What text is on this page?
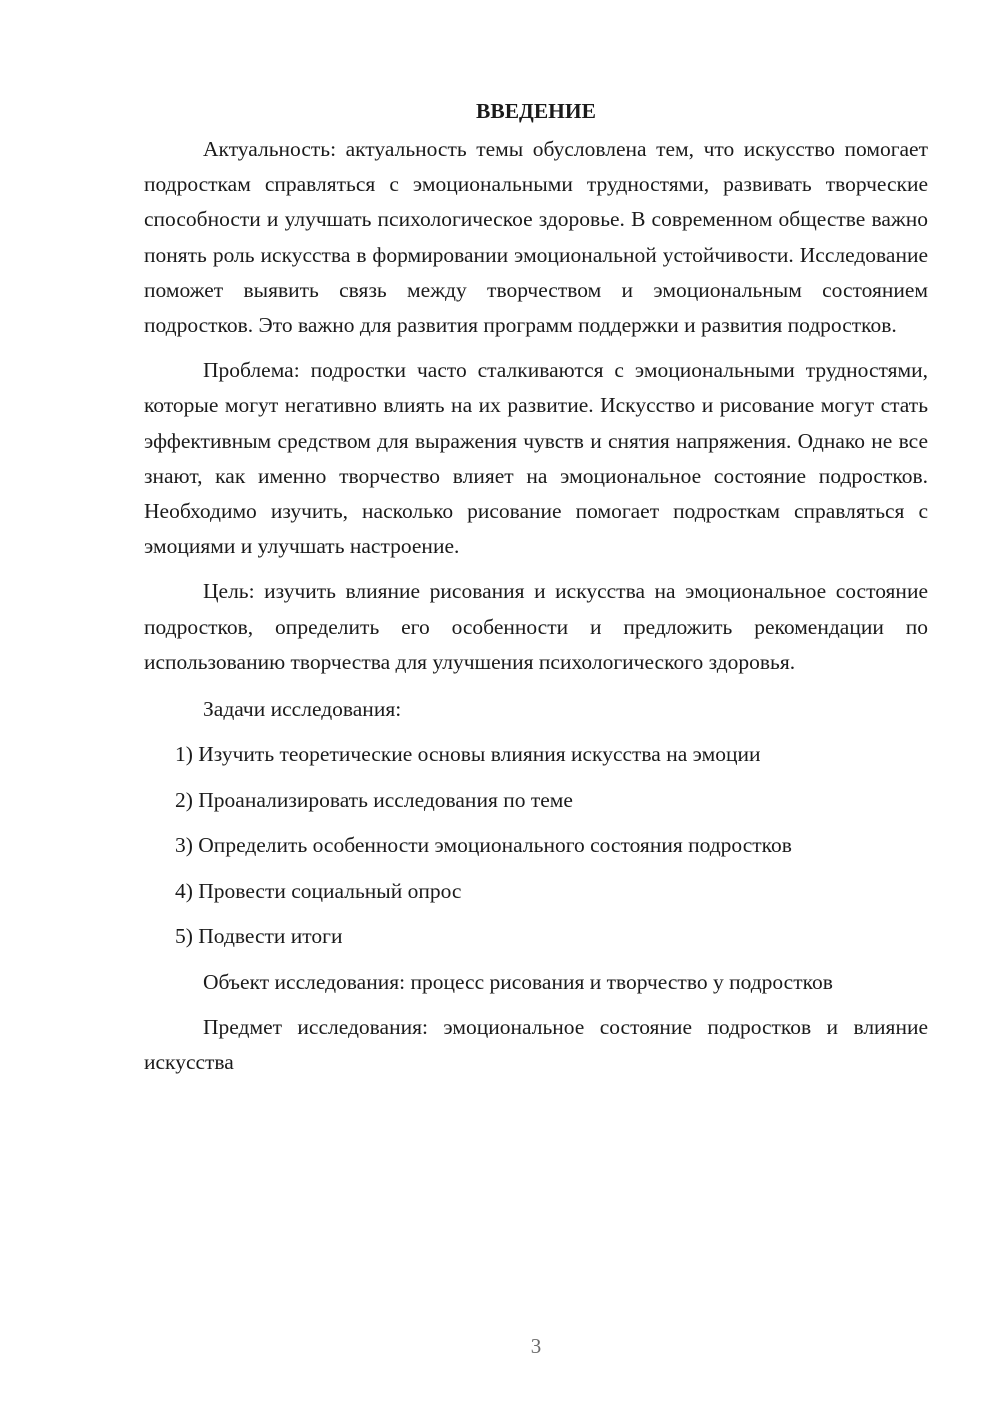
ВВЕДЕНИЕ

Актуальность: актуальность темы обусловлена тем, что искусство помогает подросткам справляться с эмоциональными трудностями, развивать творческие способности и улучшать психологическое здоровье. В современном обществе важно понять роль искусства в формировании эмоциональной устойчивости. Исследование поможет выявить связь между творчеством и эмоциональным состоянием подростков. Это важно для развития программ поддержки и развития подростков.

Проблема: подростки часто сталкиваются с эмоциональными трудностями, которые могут негативно влиять на их развитие. Искусство и рисование могут стать эффективным средством для выражения чувств и снятия напряжения. Однако не все знают, как именно творчество влияет на эмоциональное состояние подростков. Необходимо изучить, насколько рисование помогает подросткам справляться с эмоциями и улучшать настроение.

Цель: изучить влияние рисования и искусства на эмоциональное состояние подростков, определить его особенности и предложить рекомендации по использованию творчества для улучшения психологического здоровья.

Задачи исследования:
1) Изучить теоретические основы влияния искусства на эмоции
2) Проанализировать исследования по теме
3) Определить особенности эмоционального состояния подростков
4) Провести социальный опрос
5) Подвести итоги

Объект исследования: процесс рисования и творчество у подростков

Предмет исследования: эмоциональное состояние подростков и влияние искусства

3
